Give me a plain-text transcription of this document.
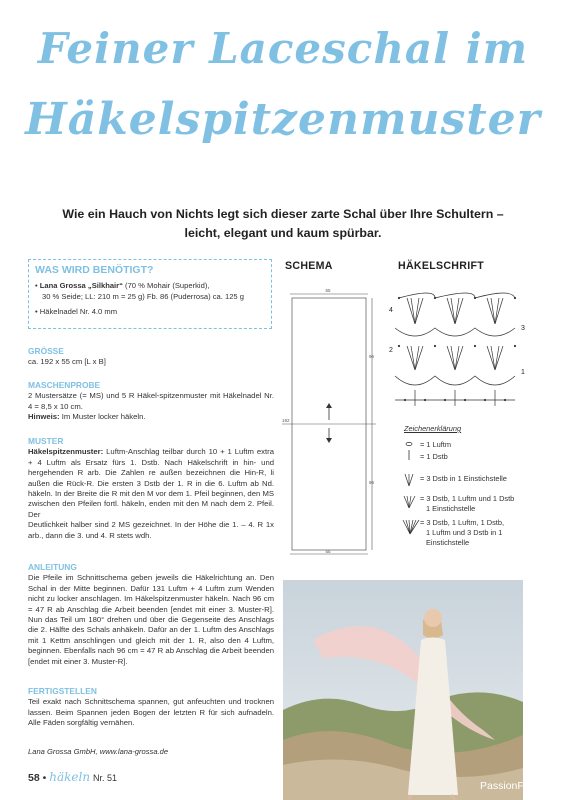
Feiner Laceschal im
Häkelspitzenmuster
Wie ein Hauch von Nichts legt sich dieser zarte Schal über Ihre Schultern –
leicht, elegant und kaum spürbar.
WAS WIRD BENÖTIGT?
• Lana Grossa „Silkhair“ (70 % Mohair (Superkid),
30 % Seide; LL: 210 m = 25 g) Fb. 86 (Puderrosa) ca. 125 g
• Häkelnadel Nr. 4.0 mm
GRÖSSE
ca. 192 x 55 cm [L x B]
MASCHENPROBE
2 Mustersätze (= MS) und 5 R Häkel-spitzenmuster mit Häkelnadel Nr. 4 = 8,5 x 10 cm.
Hinweis: Im Muster locker häkeln.
MUSTER
Häkelspitzenmuster: Luftm-Anschlag teilbar durch 10 + 1 Luftm extra + 4 Luftm als Ersatz fürs 1. Dstb. Nach Häkelschrift in hin- und hergehenden R arb. Die Zahlen re außen bezeichnen die Hin-R, li außen die Rück-R. Die ersten 3 Dstb der 1. R in die 6. Luftm ab Nd. häkeln. In der Breite die R mit den M vor dem 1. Pfeil beginnen, den MS zwischen den Pfeilen fortl. häkeln, enden mit den M nach dem 2. Pfeil. Der
Deutlichkeit halber sind 2 MS gezeichnet. In der Höhe die 1. – 4. R 1x arb., dann die 3. und 4. R stets wdh.
ANLEITUNG
Die Pfeile im Schnittschema geben jeweils die Häkelrichtung an. Den Schal in der Mitte beginnen. Dafür 131 Luftm + 4 Luftm zum Wenden nicht zu locker anschlagen. Im Häkelspitzenmuster häkeln. Nach 96 cm = 47 R ab Anschlag die Arbeit beenden [endet mit einer 3. Muster-R]. Nun das Teil um 180° drehen und über die Gegenseite des Anschlags die 2. Hälfte des Schals anhäkeln. Dafür an der 1. Luftm des Anschlags mit 1 Kettm anschlingen und gleich mit der 1. R, also den 4 Luftm, beginnen. Ebenfalls nach 96 cm = 47 R ab Anschlag die Arbeit beenden [endet mit einer 3. Muster-R].
FERTIGSTELLEN
Teil exakt nach Schnittschema spannen, gut anfeuchten und trocknen lassen. Beim Spannen jeden Bogen der letzten R für sich aufnadeln. Alle Fäden sorgfältig vernähen.
Lana Grossa GmbH, www.lana-grossa.de
SCHEMA
55
96
96
192
55
HÄKELSCHRIFT
4
3
2
1
Zeichenerklärung
= 1 Luftm
= 1 Dstb
= 3 Dstb in 1 Einstichstelle
= 3 Dstb, 1 Luftm und 1 Dstb
1 Einstichstelle
= 3 Dstb, 1 Luftm, 1 Dstb,
1 Luftm und 3 Dstb in 1
Einstichstelle
58 • häkeln Nr. 51
PassionForum.ru
